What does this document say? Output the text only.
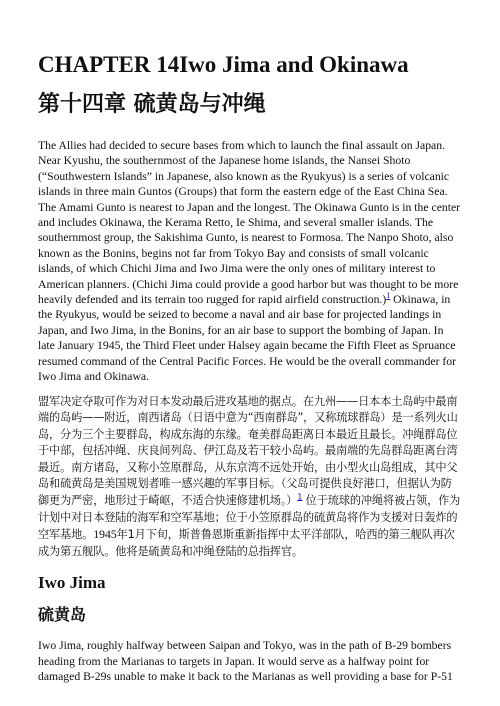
CHAPTER 14Iwo Jima and Okinawa
第十四章 硫黄岛与冲绳

The Allies had decided to secure bases from which to launch the final assault on Japan. Near Kyushu, the southernmost of the Japanese home islands, the Nansei Shoto (“Southwestern Islands” in Japanese, also known as the Ryukyus) is a series of volcanic islands in three main Guntos (Groups) that form the eastern edge of the East China Sea. The Amami Gunto is nearest to Japan and the longest. The Okinawa Gunto is in the center and includes Okinawa, the Kerama Retto, Ie Shima, and several smaller islands. The southernmost group, the Sakishima Gunto, is nearest to Formosa. The Nanpo Shoto, also known as the Bonins, begins not far from Tokyo Bay and consists of small volcanic islands, of which Chichi Jima and Iwo Jima were the only ones of military interest to American planners. (Chichi Jima could provide a good harbor but was thought to be more heavily defended and its terrain too rugged for rapid airfield construction.)$^1$ Okinawa, in the Ryukyus, would be seized to become a naval and air base for projected landings in Japan, and Iwo Jima, in the Bonins, for an air base to support the bombing of Japan. In late January 1945, the Third Fleet under Halsey again became the Fifth Fleet as Spruance resumed command of the Central Pacific Forces. He would be the overall commander for Iwo Jima and Okinawa.

盟军决定夺取可作为对日本发动最后进攻基地的据点。在九州——日本本土岛屿中最南端的岛屿——附近，南西诸岛（日语中意为“西南群岛”，又称琉球群岛）是一系列火山岛，分为三个主要群岛，构成东海的东缘。奄美群岛距离日本最近且最长。冲绳群岛位于中部，包括冲绳、庆良间列岛、伊江岛及若干较小岛屿。最南端的先岛群岛距离台湾最近。南方诸岛，又称小笠原群岛，从东京湾不远处开始，由小型火山岛组成，其中父岛和硫黄岛是美国规划者唯一感兴趣的军事目标。（父岛可提供良好港口，但据认为防御更为严密，地形过于崎岖，不适合快速修建机场。）$^1$ 位于琉球的冲绳将被占领，作为计划中对日本登陆的海军和空军基地；位于小笠原群岛的硫黄岛将作为支援对日轰炸的空军基地。1945年1月下旬，斯普鲁恩斯重新指挥中太平洋部队，哈西的第三舰队再次成为第五舰队。他将是硫黄岛和冲绳登陆的总指挥官。

Iwo Jima
硫黄岛

Iwo Jima, roughly halfway between Saipan and Tokyo, was in the path of B-29 bombers heading from the Marianas to targets in Japan. It would serve as a halfway point for damaged B-29s unable to make it back to the Marianas as well providing a base for P-51
